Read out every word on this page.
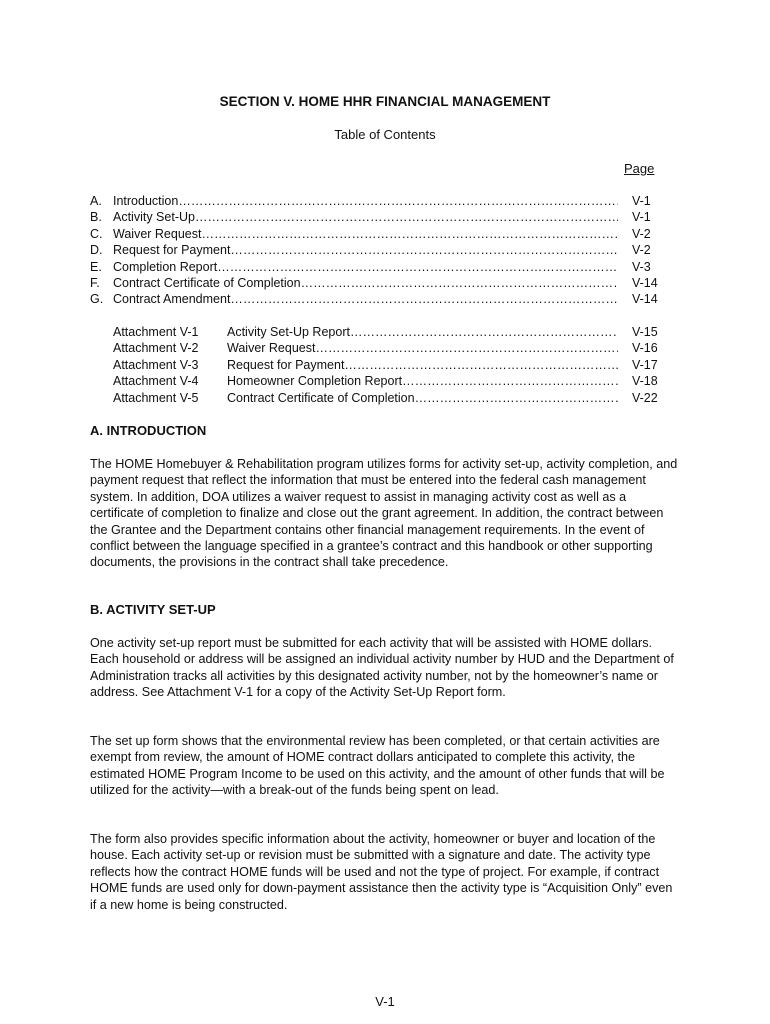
SECTION V. HOME HHR FINANCIAL MANAGEMENT
Table of Contents
Page
A. Introduction ………………………………………………………………………………………………………………………………	V-1
B. Activity Set-Up ………………………………………………………………………………………………………………………………	V-1
C. Waiver Request ………………………………………………………………………………………………………………………………	V-2
D. Request for Payment ………………………………………………………………………………………………………………………………	V-2
E. Completion Report ………………………………………………………………………………………………………………………………	V-3
F.	Contract Certificate of Completion ………………………………………………………………………………………………………………………………	V-14
G. Contract Amendment ………………………………………………………………………………………………………………………………	V-14
Attachment V-1	Activity Set-Up Report ………………………………………………………………………………………………………………………………	V-15
Attachment V-2	Waiver Request ………………………………………………………………………………………………………………………………	V-16
Attachment V-3	Request for Payment ………………………………………………………………………………………………………………………………	V-17
Attachment V-4	Homeowner Completion Report ………………………………………………………………………………………………………………………………	V-18
Attachment V-5	Contract Certificate of Completion ………………………………………………………………………………………………………………………………	V-22
A. INTRODUCTION

The HOME Homebuyer & Rehabilitation program utilizes forms for activity set-up, activity completion, and payment request that reflect the information that must be entered into the federal cash management system. In addition, DOA utilizes a waiver request to assist in managing activity cost as well as a certificate of completion to finalize and close out the grant agreement. In addition, the contract between the Grantee and the Department contains other financial management requirements. In the event of conflict between the language specified in a grantee’s contract and this handbook or other supporting documents, the provisions in the contract shall take precedence.

B. ACTIVITY SET-UP

One activity set-up report must be submitted for each activity that will be assisted with HOME dollars. Each household or address will be assigned an individual activity number by HUD and the Department of Administration tracks all activities by this designated activity number, not by the homeowner’s name or address. See Attachment V-1 for a copy of the Activity Set-Up Report form.

The set up form shows that the environmental review has been completed, or that certain activities are exempt from review, the amount of HOME contract dollars anticipated to complete this activity, the estimated HOME Program Income to be used on this activity, and the amount of other funds that will be utilized for the activity—with a break-out of the funds being spent on lead.

The form also provides specific information about the activity, homeowner or buyer and location of the house. Each activity set-up or revision must be submitted with a signature and date. The activity type reflects how the contract HOME funds will be used and not the type of project. For example, if contract HOME funds are used only for down-payment assistance then the activity type is “Acquisition Only” even if a new home is being constructed.

V-1
